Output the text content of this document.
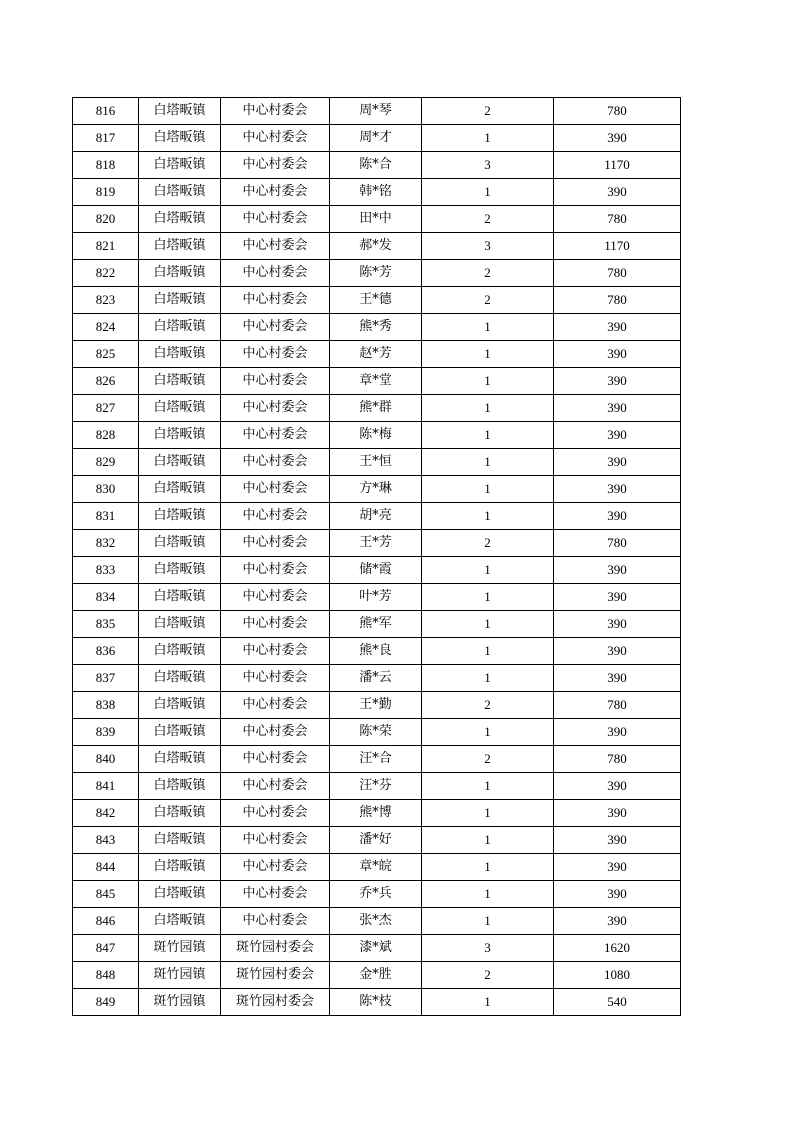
816	白塔畈镇	中心村委会	周*琴	2	780
817	白塔畈镇	中心村委会	周*才	1	390
818	白塔畈镇	中心村委会	陈*合	3	1170
819	白塔畈镇	中心村委会	韩*铭	1	390
820	白塔畈镇	中心村委会	田*中	2	780
821	白塔畈镇	中心村委会	郝*发	3	1170
822	白塔畈镇	中心村委会	陈*芳	2	780
823	白塔畈镇	中心村委会	王*德	2	780
824	白塔畈镇	中心村委会	熊*秀	1	390
825	白塔畈镇	中心村委会	赵*芳	1	390
826	白塔畈镇	中心村委会	章*堂	1	390
827	白塔畈镇	中心村委会	熊*群	1	390
828	白塔畈镇	中心村委会	陈*梅	1	390
829	白塔畈镇	中心村委会	王*恒	1	390
830	白塔畈镇	中心村委会	方*琳	1	390
831	白塔畈镇	中心村委会	胡*亮	1	390
832	白塔畈镇	中心村委会	王*芳	2	780
833	白塔畈镇	中心村委会	储*霞	1	390
834	白塔畈镇	中心村委会	叶*芳	1	390
835	白塔畈镇	中心村委会	熊*军	1	390
836	白塔畈镇	中心村委会	熊*良	1	390
837	白塔畈镇	中心村委会	潘*云	1	390
838	白塔畈镇	中心村委会	王*勤	2	780
839	白塔畈镇	中心村委会	陈*荣	1	390
840	白塔畈镇	中心村委会	汪*合	2	780
841	白塔畈镇	中心村委会	汪*芬	1	390
842	白塔畈镇	中心村委会	熊*博	1	390
843	白塔畈镇	中心村委会	潘*好	1	390
844	白塔畈镇	中心村委会	章*皖	1	390
845	白塔畈镇	中心村委会	乔*兵	1	390
846	白塔畈镇	中心村委会	张*杰	1	390
847	斑竹园镇	斑竹园村委会	漆*斌	3	1620
848	斑竹园镇	斑竹园村委会	金*胜	2	1080
849	斑竹园镇	斑竹园村委会	陈*枝	1	540
